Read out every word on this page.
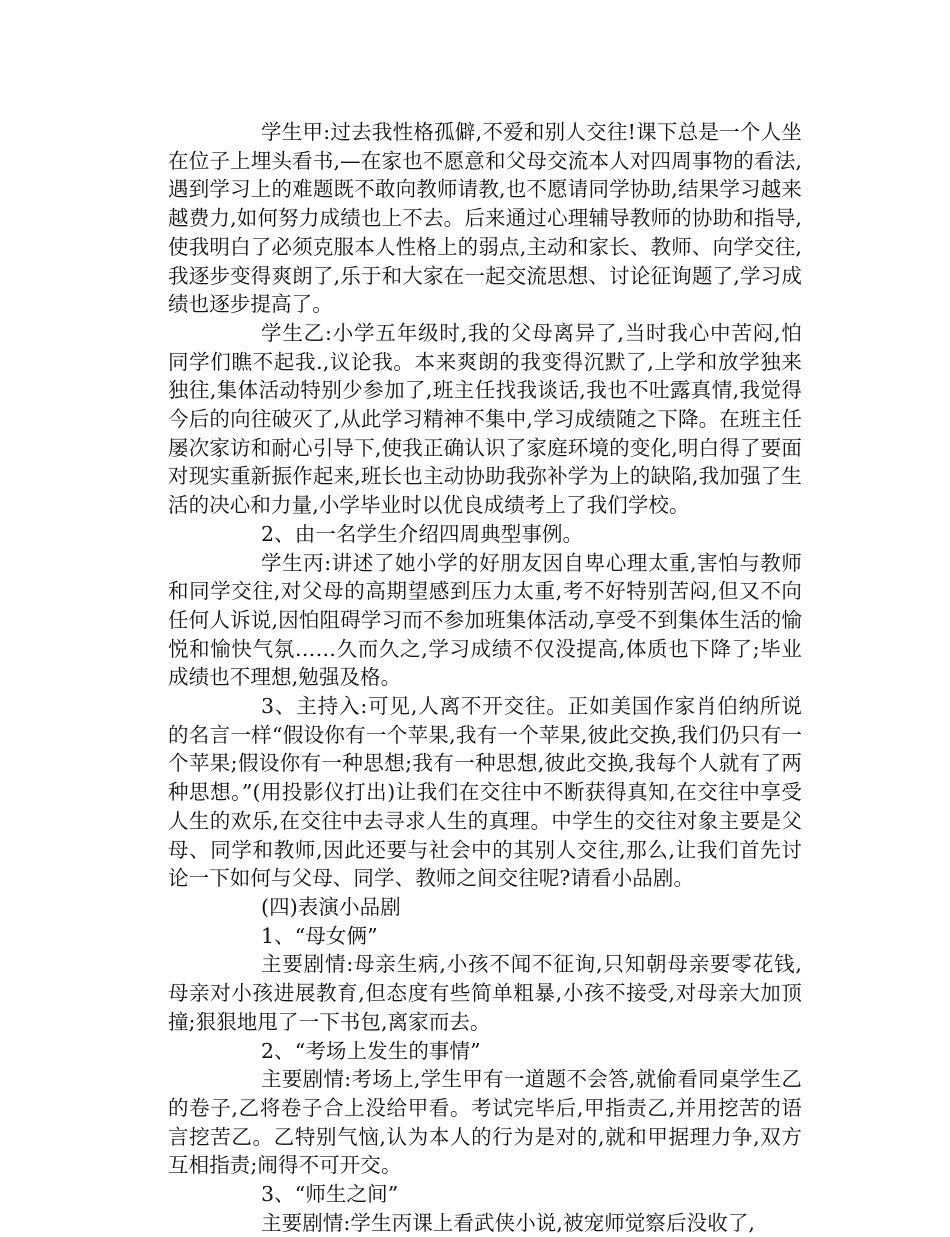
学生甲:过去我性格孤僻,不爱和别人交往!课下总是一个人坐在位子上埋头看书,—在家也不愿意和父母交流本人对四周事物的看法,遇到学习上的难题既不敢向教师请教,也不愿请同学协助,结果学习越来越费力,如何努力成绩也上不去。后来通过心理辅导教师的协助和指导,使我明白了必须克服本人性格上的弱点,主动和家长、教师、向学交往,我逐步变得爽朗了,乐于和大家在一起交流思想、讨论征询题了,学习成绩也逐步提高了。

学生乙:小学五年级时,我的父母离异了,当时我心中苦闷,怕同学们瞧不起我.,议论我。本来爽朗的我变得沉默了,上学和放学独来独往,集体活动特别少参加了,班主任找我谈话,我也不吐露真情,我觉得今后的向往破灭了,从此学习精神不集中,学习成绩随之下降。在班主任屡次家访和耐心引导下,使我正确认识了家庭环境的变化,明白得了要面对现实重新振作起来,班长也主动协助我弥补学为上的缺陷,我加强了生活的决心和力量,小学毕业时以优良成绩考上了我们学校。

2、由一名学生介绍四周典型事例。

学生丙:讲述了她小学的好朋友因自卑心理太重,害怕与教师和同学交往,对父母的高期望感到压力太重,考不好特别苦闷,但又不向任何人诉说,因怕阻碍学习而不参加班集体活动,享受不到集体生活的愉悦和愉快气氛……久而久之,学习成绩不仅没提高,体质也下降了;毕业成绩也不理想,勉强及格。

3、主持入:可见,人离不开交往。正如美国作家肖伯纳所说的名言一样“假设你有一个苹果,我有一个苹果,彼此交换,我们仍只有一个苹果;假设你有一种思想;我有一种思想,彼此交换,我每个人就有了两种思想。”(用投影仪打出)让我们在交往中不断获得真知,在交往中享受人生的欢乐,在交往中去寻求人生的真理。中学生的交往对象主要是父母、同学和教师,因此还要与社会中的其别人交往,那么,让我们首先讨论一下如何与父母、同学、教师之间交往呢?请看小品剧。

(四)表演小品剧

1、“母女俩”

主要剧情:母亲生病,小孩不闻不征询,只知朝母亲要零花钱,母亲对小孩进展教育,但态度有些简单粗暴,小孩不接受,对母亲大加顶撞;狠狠地甩了一下书包,离家而去。

2、“考场上发生的事情”

主要剧情:考场上,学生甲有一道题不会答,就偷看同桌学生乙的卷子,乙将卷子合上没给甲看。考试完毕后,甲指责乙,并用挖苦的语言挖苦乙。乙特别气恼,认为本人的行为是对的,就和甲据理力争,双方互相指责;闹得不可开交。

3、“师生之间”

主要剧情:学生丙课上看武侠小说,被宠师觉察后没收了,
